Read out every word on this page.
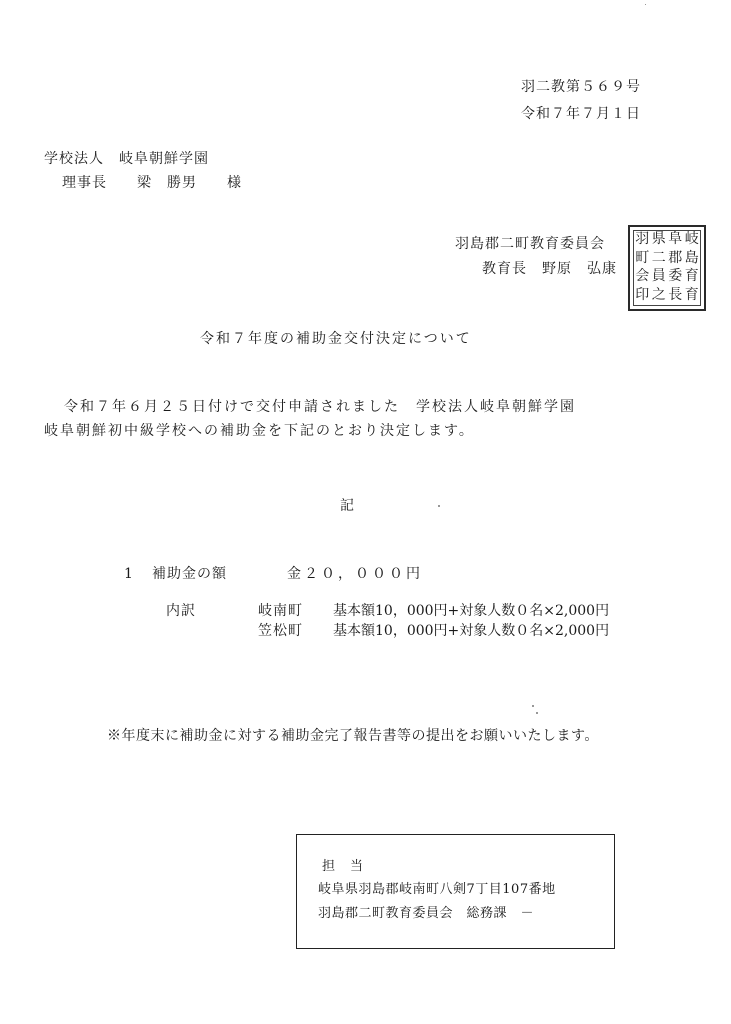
羽二教第５６９号
令和７年７月１日
学校法人　岐阜朝鮮学園
理事長　　梁　勝男　　様
羽島郡二町教育委員会
教育長　野原　弘康
羽 県 阜 岐
町 二 郡 島
会 員 委 育
印 之 長 育
令和７年度の補助金交付決定について
令和７年６月２５日付けで交付申請されました　学校法人岐阜朝鮮学園
岐阜朝鮮初中級学校への補助金を下記のとおり決定します。
記
1 補助金の額	金２０，０００円
内訳	岐南町 基本額10，000円+対象人数０名×2,000円
笠松町 基本額10，000円+対象人数０名×2,000円
※年度末に補助金に対する補助金完了報告書等の提出をお願いいたします。
担　当
岐阜県羽島郡岐南町八剣7丁目107番地
羽島郡二町教育委員会　総務課　－
